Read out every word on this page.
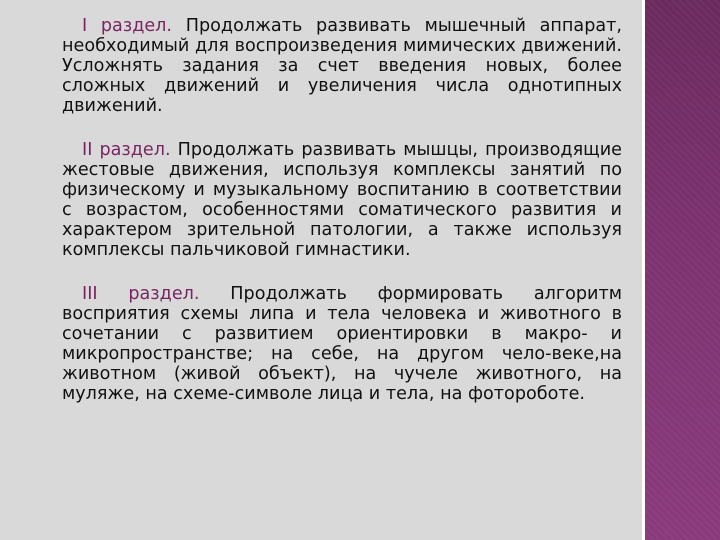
I раздел. Продолжать развивать мышечный аппарат, необходимый для воспроизведения мимических движений. Усложнять задания за счет введения новых, более сложных движений и увеличения числа однотипных движений.

II раздел. Продолжать развивать мышцы, производящие жестовые движения, используя комплексы занятий по физическому и музыкальному воспитанию в соответствии с возрастом, особенностями соматического развития и характером зрительной патологии, а также используя комплексы пальчиковой гимнастики.

III раздел. Продолжать формировать алгоритм восприятия схемы липа и тела человека и животного в сочетании с развитием ориентировки в макро- и микропространстве; на себе, на другом чело-веке,на животном (живой объект), на чучеле животного, на муляже, на схеме-символе лица и тела, на фоторoботе.
